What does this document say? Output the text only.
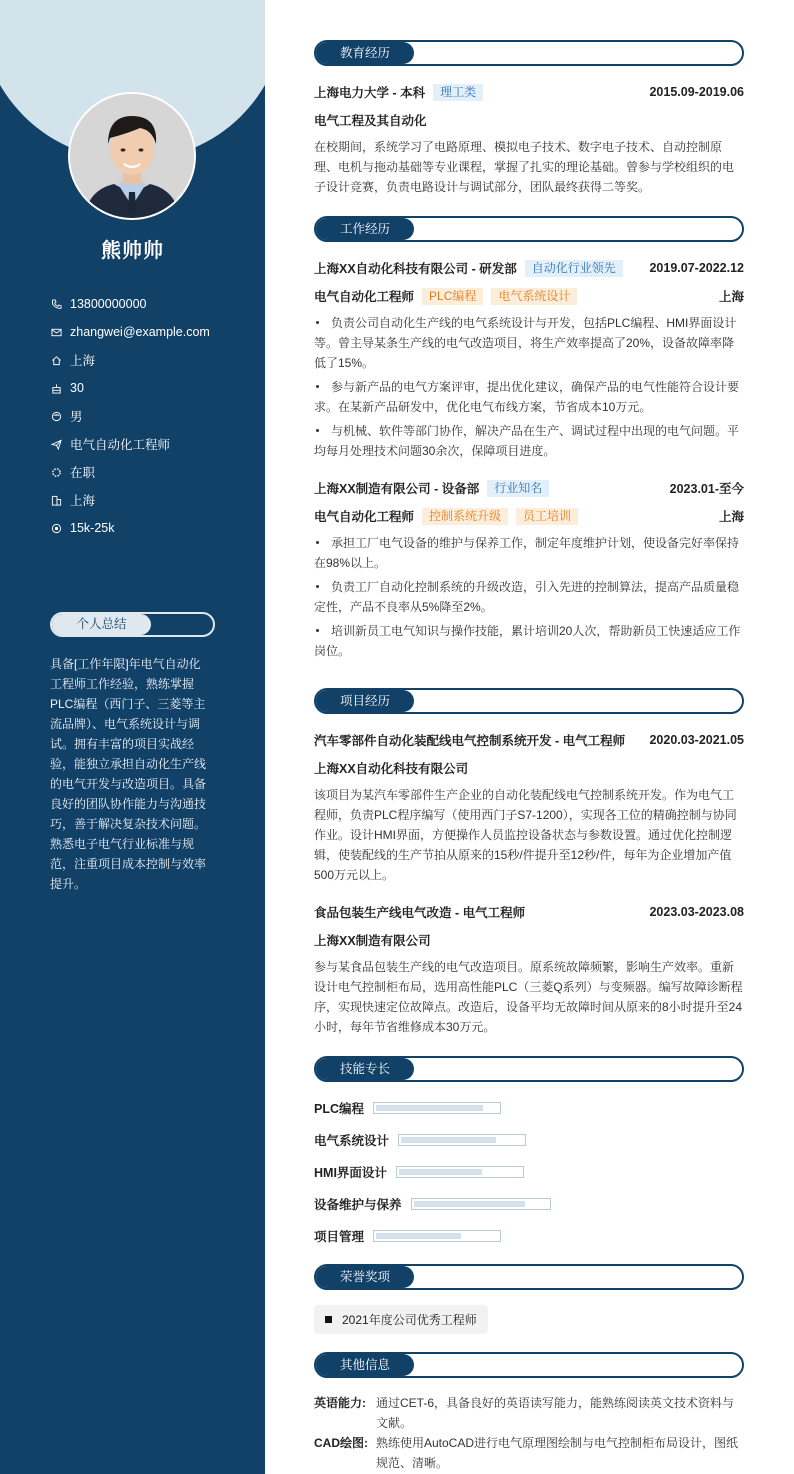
熊帅帅
13800000000
zhangwei@example.com
上海
30
男
电气自动化工程师
在职
上海
15k-25k
个人总结
具备[工作年限]年电气自动化工程师工作经验，熟练掌握PLC编程（西门子、三菱等主流品牌）、电气系统设计与调试。拥有丰富的项目实战经验，能独立承担自动化生产线的电气开发与改造项目。具备良好的团队协作能力与沟通技巧，善于解决复杂技术问题。熟悉电子电气行业标准与规范，注重项目成本控制与效率提升。
教育经历
上海电力大学 - 本科	理工类	2015.09-2019.06
电气工程及其自动化
在校期间，系统学习了电路原理、模拟电子技术、数字电子技术、自动控制原理、电机与拖动基础等专业课程，掌握了扎实的理论基础。曾参与学校组织的电子设计竞赛，负责电路设计与调试部分，团队最终获得二等奖。
工作经历
上海XX自动化科技有限公司 - 研发部	自动化行业领先	2019.07-2022.12
电气自动化工程师	PLC编程	电气系统设计	上海
负责公司自动化生产线的电气系统设计与开发，包括PLC编程、HMI界面设计等。曾主导某条生产线的电气改造项目，将生产效率提高了20%，设备故障率降低了15%。
参与新产品的电气方案评审，提出优化建议，确保产品的电气性能符合设计要求。在某新产品研发中，优化电气布线方案，节省成本10万元。
与机械、软件等部门协作，解决产品在生产、调试过程中出现的电气问题。平均每月处理技术问题30余次，保障项目进度。
上海XX制造有限公司 - 设备部	行业知名	2023.01-至今
电气自动化工程师	控制系统升级	员工培训	上海
承担工厂电气设备的维护与保养工作，制定年度维护计划，使设备完好率保持在98%以上。
负责工厂自动化控制系统的升级改造，引入先进的控制算法，提高产品质量稳定性，产品不良率从5%降至2%。
培训新员工电气知识与操作技能，累计培训20人次，帮助新员工快速适应工作岗位。
项目经历
汽车零部件自动化装配线电气控制系统开发 - 电气工程师 2020.03-2021.05
上海XX自动化科技有限公司
该项目为某汽车零部件生产企业的自动化装配线电气控制系统开发。作为电气工程师，负责PLC程序编写（使用西门子S7-1200），实现各工位的精确控制与协同作业。设计HMI界面，方便操作人员监控设备状态与参数设置。通过优化控制逻辑，使装配线的生产节拍从原来的15秒/件提升至12秒/件，每年为企业增加产值500万元以上。
食品包装生产线电气改造 - 电气工程师	2023.03-2023.08
上海XX制造有限公司
参与某食品包装生产线的电气改造项目。原系统故障频繁，影响生产效率。重新设计电气控制柜布局，选用高性能PLC（三菱Q系列）与变频器。编写故障诊断程序，实现快速定位故障点。改造后，设备平均无故障时间从原来的8小时提升至24小时，每年节省维修成本30万元。
技能专长
PLC编程
电气系统设计
HMI界面设计
设备维护与保养
项目管理
荣誉奖项
2021年度公司优秀工程师
其他信息
英语能力: 通过CET-6，具备良好的英语读写能力，能熟练阅读英文技术资料与文献。
CAD绘图: 熟练使用AutoCAD进行电气原理图绘制与电气控制柜布局设计，图纸规范、清晰。
